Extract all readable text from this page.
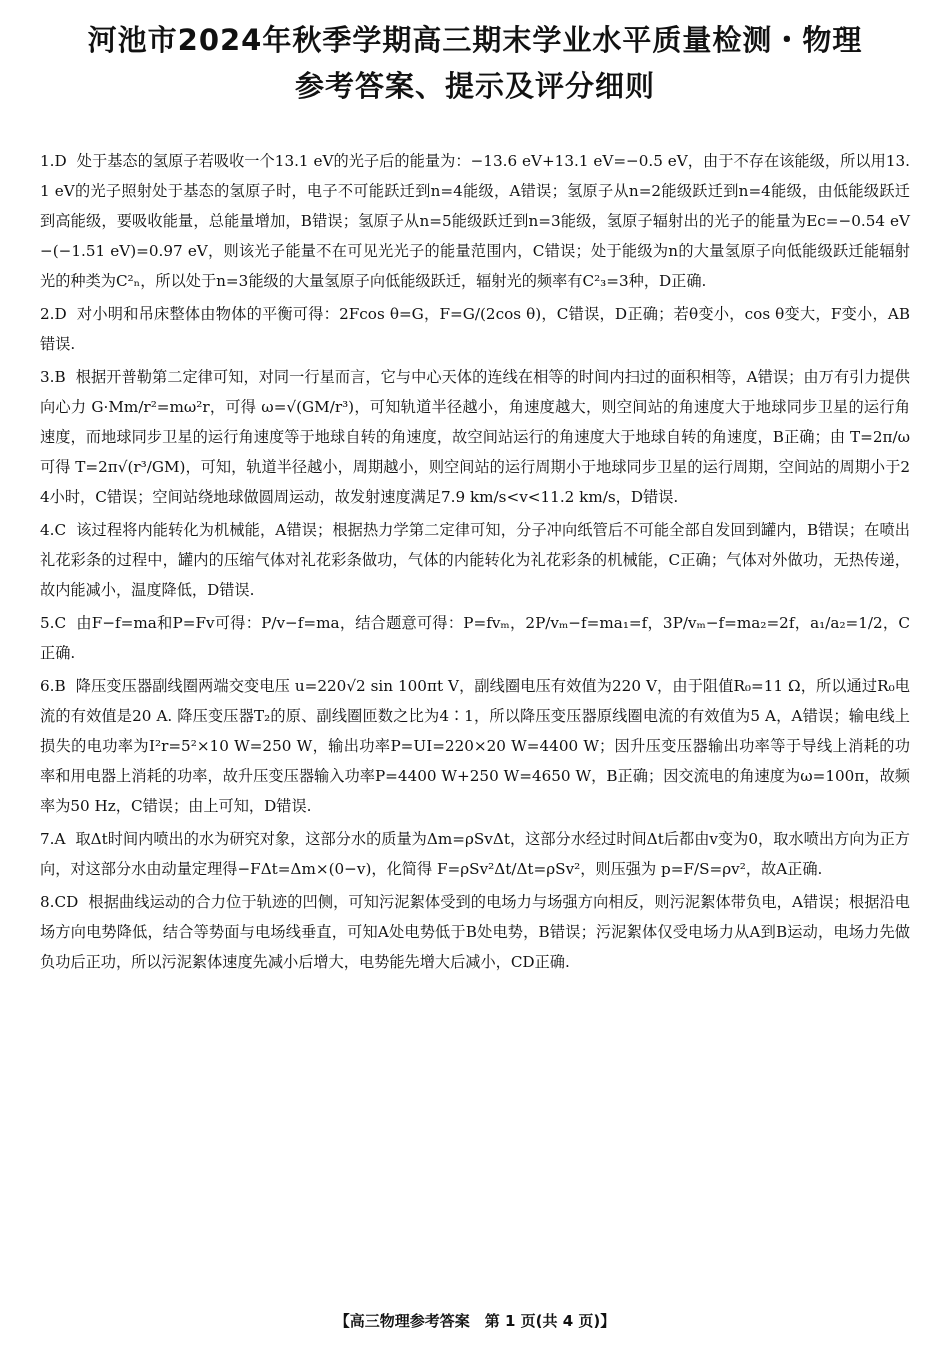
河池市2024年秋季学期高三期末学业水平质量检测・物理
参考答案、提示及评分细则
1.D 处于基态的氢原子若吸收一个13.1 eV的光子后的能量为：−13.6 eV+13.1 eV=−0.5 eV，由于不存在该能级，所以用13.1 eV的光子照射处于基态的氢原子时，电子不可能跃迁到n=4能级，A错误；氢原子从n=2能级跃迁到n=4能级，由低能级跃迁到高能级，要吸收能量，总能量增加，B错误；氢原子从n=5能级跃迁到n=3能级，氢原子辐射出的光子的能量为Ec=−0.54 eV−(−1.51 eV)=0.97 eV，则该光子能量不在可见光光子的能量范围内，C错误；处于能级为n的大量氢原子向低能级跃迁能辐射光的种类为C²ₙ，所以处于n=3能级的大量氢原子向低能级跃迁，辐射光的频率有C²₃=3种，D正确.
2.D 对小明和吊床整体由物体的平衡可得：2Fcos θ=G，F=G/(2cos θ)，C错误，D正确；若θ变小，cos θ变大，F变小，AB错误.
3.B 根据开普勒第二定律可知，对同一行星而言，它与中心天体的连线在相等的时间内扫过的面积相等，A错误；由万有引力提供向心力 G·Mm/r²=mω²r，可得 ω=√(GM/r³)，可知轨道半径越小，角速度越大，则空间站的角速度大于地球同步卫星的运行角速度，而地球同步卫星的运行角速度等于地球自转的角速度，故空间站运行的角速度大于地球自转的角速度，B正确；由 T=2π/ω 可得 T=2π√(r³/GM)，可知，轨道半径越小，周期越小，则空间站的运行周期小于地球同步卫星的运行周期，空间站的周期小于24小时，C错误；空间站绕地球做圆周运动，故发射速度满足7.9 km/s<v<11.2 km/s，D错误.
4.C 该过程将内能转化为机械能，A错误；根据热力学第二定律可知，分子冲向纸管后不可能全部自发回到罐内，B错误；在喷出礼花彩条的过程中，罐内的压缩气体对礼花彩条做功，气体的内能转化为礼花彩条的机械能，C正确；气体对外做功，无热传递，故内能减小，温度降低，D错误.
5.C 由F−f=ma和P=Fv可得：P/v−f=ma，结合题意可得：P=fvₘ，2P/vₘ−f=ma₁=f，3P/vₘ−f=ma₂=2f，a₁/a₂=1/2，C正确.
6.B 降压变压器副线圈两端交变电压 u=220√2 sin 100πt V，副线圈电压有效值为220 V，由于阻值R₀=11 Ω，所以通过R₀电流的有效值是20 A. 降压变压器T₂的原、副线圈匝数之比为4∶1，所以降压变压器原线圈电流的有效值为5 A，A错误；输电线上损失的电功率为I²r=5²×10 W=250 W，输出功率P=UI=220×20 W=4400 W；因升压变压器输出功率等于导线上消耗的功率和用电器上消耗的功率，故升压变压器输入功率P=4400 W+250 W=4650 W，B正确；因交流电的角速度为ω=100π，故频率为50 Hz，C错误；由上可知，D错误.
7.A 取Δt时间内喷出的水为研究对象，这部分水的质量为Δm=ρSvΔt，这部分水经过时间Δt后都由v变为0，取水喷出方向为正方向，对这部分水由动量定理得−FΔt=Δm×(0−v)，化简得 F=ρSv²Δt/Δt=ρSv²，则压强为 p=F/S=ρv²，故A正确.
8.CD 根据曲线运动的合力位于轨迹的凹侧，可知污泥絮体受到的电场力与场强方向相反，则污泥絮体带负电，A错误；根据沿电场方向电势降低，结合等势面与电场线垂直，可知A处电势低于B处电势，B错误；污泥絮体仅受电场力从A到B运动，电场力先做负功后正功，所以污泥絮体速度先减小后增大，电势能先增大后减小，CD正确.
【高三物理参考答案　第 1 页(共 4 页)】
